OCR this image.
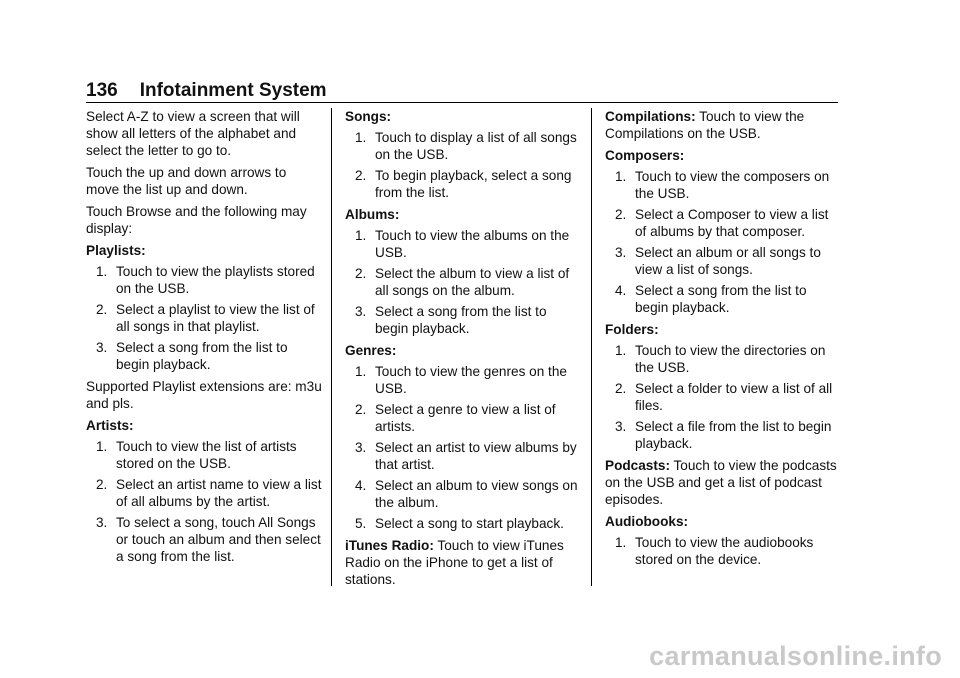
136 Infotainment System

Select A-Z to view a screen that will show all letters of the alphabet and select the letter to go to.

Touch the up and down arrows to move the list up and down.

Touch Browse and the following may display:

Playlists:

1. Touch to view the playlists stored on the USB.
2. Select a playlist to view the list of all songs in that playlist.
3. Select a song from the list to begin playback.

Supported Playlist extensions are: m3u and pls.

Artists:

1. Touch to view the list of artists stored on the USB.
2. Select an artist name to view a list of all albums by the artist.
3. To select a song, touch All Songs or touch an album and then select a song from the list.

Songs:

1. Touch to display a list of all songs on the USB.
2. To begin playback, select a song from the list.

Albums:

1. Touch to view the albums on the USB.
2. Select the album to view a list of all songs on the album.
3. Select a song from the list to begin playback.

Genres:

1. Touch to view the genres on the USB.
2. Select a genre to view a list of artists.
3. Select an artist to view albums by that artist.
4. Select an album to view songs on the album.
5. Select a song to start playback.

iTunes Radio: Touch to view iTunes Radio on the iPhone to get a list of stations.

Compilations: Touch to view the Compilations on the USB.

Composers:

1. Touch to view the composers on the USB.
2. Select a Composer to view a list of albums by that composer.
3. Select an album or all songs to view a list of songs.
4. Select a song from the list to begin playback.

Folders:

1. Touch to view the directories on the USB.
2. Select a folder to view a list of all files.
3. Select a file from the list to begin playback.

Podcasts: Touch to view the podcasts on the USB and get a list of podcast episodes.

Audiobooks:

1. Touch to view the audiobooks stored on the device.
carmanualsonline.info
